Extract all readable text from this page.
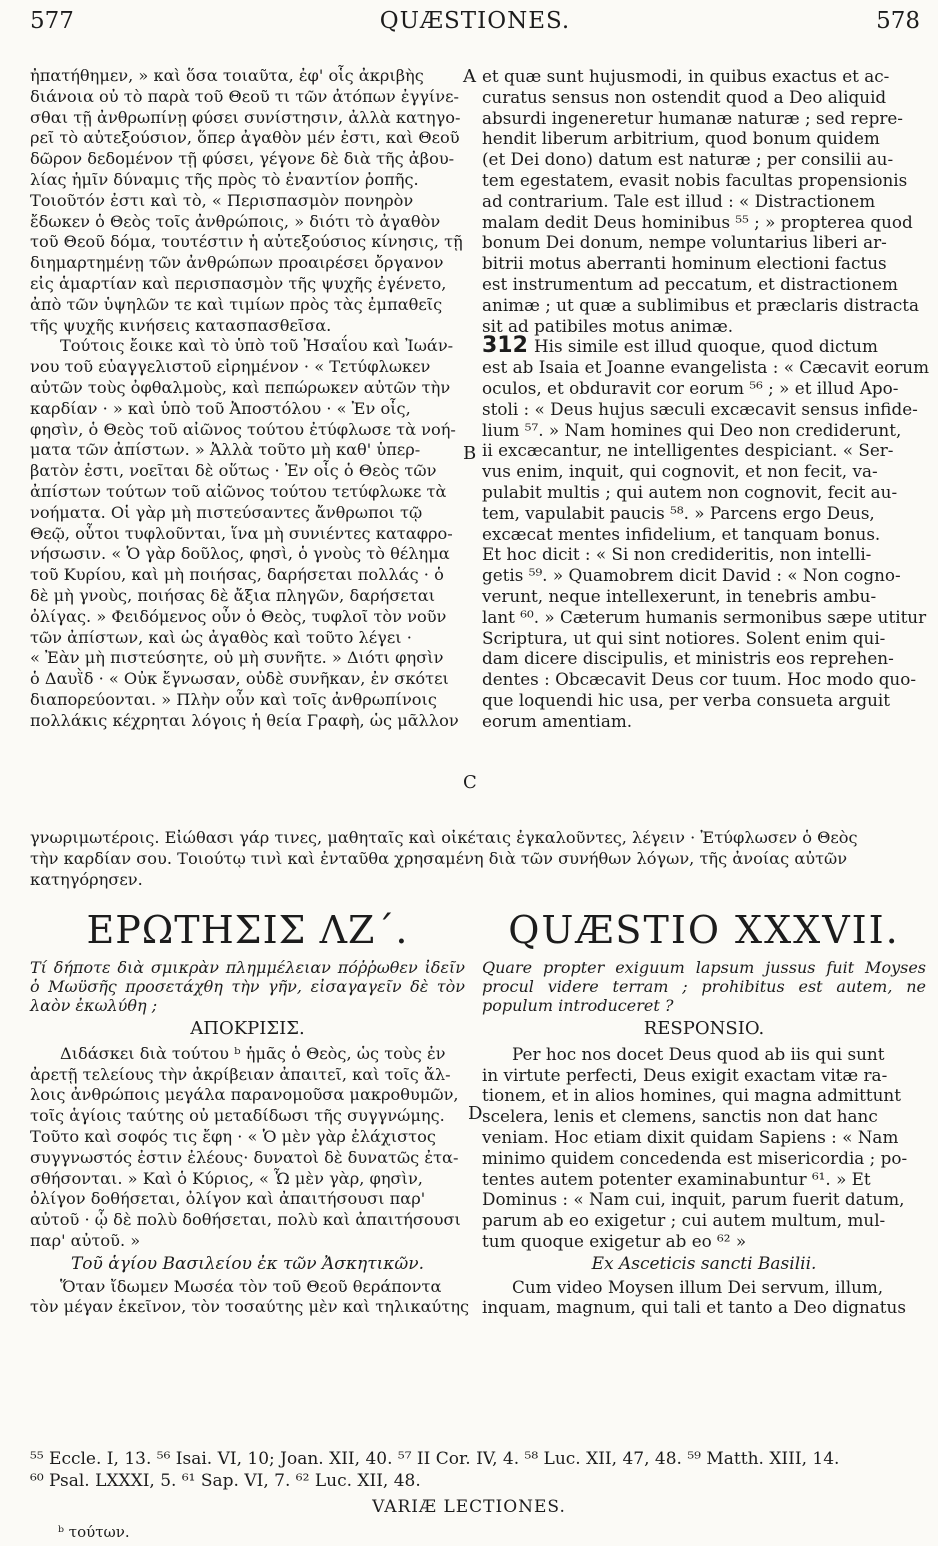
577	QUÆSTIONES.	578
A
B
C
D
ἠπατήθημεν, » καὶ ὅσα τοιαῦτα, ἐφ' οἷς ἀκριβὴς
διάνοια οὐ τὸ παρὰ τοῦ Θεοῦ τι τῶν ἀτόπων ἐγγίνε-
σθαι τῇ ἀνθρωπίνῃ φύσει συνίστησιν, ἀλλὰ κατηγο-
ρεῖ τὸ αὐτεξούσιον, ὅπερ ἀγαθὸν μέν ἐστι, καὶ Θεοῦ
δῶρον δεδομένον τῇ φύσει, γέγονε δὲ διὰ τῆς ἀβου-
λίας ἡμῖν δύναμις τῆς πρὸς τὸ ἐναντίον ῥοπῆς.
Τοιοῦτόν ἐστι καὶ τὸ, « Περισπασμὸν πονηρὸν
ἔδωκεν ὁ Θεὸς τοῖς ἀνθρώποις, » διότι τὸ ἀγαθὸν
τοῦ Θεοῦ δόμα, τουτέστιν ἡ αὐτεξούσιος κίνησις, τῇ
διημαρτημένῃ τῶν ἀνθρώπων προαιρέσει ὄργανον
εἰς ἁμαρτίαν καὶ περισπασμὸν τῆς ψυχῆς ἐγένετο,
ἀπὸ τῶν ὑψηλῶν τε καὶ τιμίων πρὸς τὰς ἐμπαθεῖς
τῆς ψυχῆς κινήσεις κατασπασθεῖσα.
Τούτοις ἔοικε καὶ τὸ ὑπὸ τοῦ Ἠσαΐου καὶ Ἰωάν-
νου τοῦ εὐαγγελιστοῦ εἰρημένον · « Τετύφλωκεν
αὐτῶν τοὺς ὀφθαλμοὺς, καὶ πεπώρωκεν αὐτῶν τὴν
καρδίαν · » καὶ ὑπὸ τοῦ Ἀποστόλου · « Ἐν οἷς,
φησὶν, ὁ Θεὸς τοῦ αἰῶνος τούτου ἐτύφλωσε τὰ νοή-
ματα τῶν ἀπίστων. » Ἀλλὰ τοῦτο μὴ καθ' ὑπερ-
βατὸν ἐστι, νοεῖται δὲ οὕτως · Ἐν οἷς ὁ Θεὸς τῶν
ἀπίστων τούτων τοῦ αἰῶνος τούτου τετύφλωκε τὰ
νοήματα. Οἱ γὰρ μὴ πιστεύσαντες ἄνθρωποι τῷ
Θεῷ, οὗτοι τυφλοῦνται, ἵνα μὴ συνιέντες καταφρο-
νήσωσιν. « Ὁ γὰρ δοῦλος, φησὶ, ὁ γνοὺς τὸ θέλημα
τοῦ Κυρίου, καὶ μὴ ποιήσας, δαρήσεται πολλάς · ὁ
δὲ μὴ γνοὺς, ποιήσας δὲ ἄξια πληγῶν, δαρήσεται
ὀλίγας. » Φειδόμενος οὖν ὁ Θεὸς, τυφλοῖ τὸν νοῦν
τῶν ἀπίστων, καὶ ὡς ἀγαθὸς καὶ τοῦτο λέγει ·
« Ἐὰν μὴ πιστεύσητε, οὐ μὴ συνῆτε. » Διότι φησὶν
ὁ Δαυῒδ · « Οὐκ ἔγνωσαν, οὐδὲ συνῆκαν, ἐν σκότει
διαπορεύονται. » Πλὴν οὖν καὶ τοῖς ἀνθρωπίνοις
πολλάκις κέχρηται λόγοις ἡ θεία Γραφὴ, ὡς μᾶλλον
et quæ sunt hujusmodi, in quibus exactus et ac-
curatus sensus non ostendit quod a Deo aliquid
absurdi ingeneretur humanæ naturæ ; sed repre-
hendit liberum arbitrium, quod bonum quidem
(et Dei dono) datum est naturæ ; per consilii au-
tem egestatem, evasit nobis facultas propensionis
ad contrarium. Tale est illud : « Distractionem
malam dedit Deus hominibus ⁵⁵ ; » propterea quod
bonum Dei donum, nempe voluntarius liberi ar-
bitrii motus aberranti hominum electioni factus
est instrumentum ad peccatum, et distractionem
animæ ; ut quæ a sublimibus et præclaris distracta
sit ad patibiles motus animæ.
312 His simile est illud quoque, quod dictum
est ab Isaia et Joanne evangelista : « Cæcavit eorum
oculos, et obduravit cor eorum ⁵⁶ ; » et illud Apo-
stoli : « Deus hujus sæculi excæcavit sensus infide-
lium ⁵⁷. » Nam homines qui Deo non crediderunt,
ii excæcantur, ne intelligentes despiciant. « Ser-
vus enim, inquit, qui cognovit, et non fecit, va-
pulabit multis ; qui autem non cognovit, fecit au-
tem, vapulabit paucis ⁵⁸. » Parcens ergo Deus,
excæcat mentes infidelium, et tanquam bonus.
Et hoc dicit : « Si non credideritis, non intelli-
getis ⁵⁹. » Quamobrem dicit David : « Non cogno-
verunt, neque intellexerunt, in tenebris ambu-
lant ⁶⁰. » Cæterum humanis sermonibus sæpe utitur
Scriptura, ut qui sint notiores. Solent enim qui-
dam dicere discipulis, et ministris eos reprehen-
dentes : Obcæcavit Deus cor tuum. Hoc modo quo-
que loquendi hic usa, per verba consueta arguit
eorum amentiam.
γνωριμωτέροις. Εἰώθασι γάρ τινες, μαθηταῖς καὶ οἰκέταις ἐγκαλοῦντες, λέγειν · Ἐτύφλωσεν ὁ Θεὸς
τὴν καρδίαν σου. Τοιούτῳ τινὶ καὶ ἐνταῦθα χρησαμένη διὰ τῶν συνήθων λόγων, τῆς ἀνοίας αὐτῶν
κατηγόρησεν.
ΕΡΩΤΗΣΙΣ ΛΖ΄.	QUÆSTIO XXXVII.

Τί δήποτε διὰ σμικρὰν πλημμέλειαν πόῤῥωθεν ἰδεῖν ὁ Μωϋσῆς προσετάχθη τὴν γῆν, εἰσαγαγεῖν δὲ τὸν λαὸν ἐκωλύθη ;

ΑΠΟΚΡΙΣΙΣ.
Διδάσκει διὰ τούτου ᵇ ἡμᾶς ὁ Θεὸς, ὡς τοὺς ἐν
ἀρετῇ τελείους τὴν ἀκρίβειαν ἀπαιτεῖ, καὶ τοῖς ἄλ-
λοις ἀνθρώποις μεγάλα παρανομοῦσα μακροθυμῶν,
τοῖς ἁγίοις ταύτης οὐ μεταδίδωσι τῆς συγγνώμης.
Τοῦτο καὶ σοφός τις ἔφη · « Ὁ μὲν γὰρ ἐλάχιστος
συγγνωστός ἐστιν ἐλέους· δυνατοὶ δὲ δυνατῶς ἐτα-
σθήσονται. » Καὶ ὁ Κύριος, « Ὧ μὲν γὰρ, φησὶν,
ὀλίγον δοθήσεται, ὀλίγον καὶ ἀπαιτήσουσι παρ'
αὐτοῦ · ᾧ δὲ πολὺ δοθήσεται, πολὺ καὶ ἀπαιτήσουσι
παρ' αὐτοῦ. »
Τοῦ ἁγίου Βασιλείου ἐκ τῶν Ἀσκητικῶν.
Ὅταν ἴδωμεν Μωσέα τὸν τοῦ Θεοῦ θεράποντα
τὸν μέγαν ἐκεῖνον, τὸν τοσαύτης μὲν καὶ τηλικαύτης

Quare propter exiguum lapsum jussus fuit Moyses procul videre terram ; prohibitus est autem, ne populum introduceret ?

RESPONSIO.
Per hoc nos docet Deus quod ab iis qui sunt
in virtute perfecti, Deus exigit exactam vitæ ra-
tionem, et in alios homines, qui magna admittunt
scelera, lenis et clemens, sanctis non dat hanc
veniam. Hoc etiam dixit quidam Sapiens : « Nam
minimo quidem concedenda est misericordia ; po-
tentes autem potenter examinabuntur ⁶¹. » Et
Dominus : « Nam cui, inquit, parum fuerit datum,
parum ab eo exigetur ; cui autem multum, mul-
tum quoque exigetur ab eo ⁶² »
Ex Asceticis sancti Basilii.
Cum video Moysen illum Dei servum, illum,
inquam, magnum, qui tali et tanto a Deo dignatus
⁵⁵ Eccle. I, 13. ⁵⁶ Isai. VI, 10; Joan. XII, 40. ⁵⁷ II Cor. IV, 4. ⁵⁸ Luc. XII, 47, 48. ⁵⁹ Matth. XIII, 14.
⁶⁰ Psal. LXXXI, 5. ⁶¹ Sap. VI, 7. ⁶² Luc. XII, 48.
VARIÆ LECTIONES.
ᵇ τούτων.
